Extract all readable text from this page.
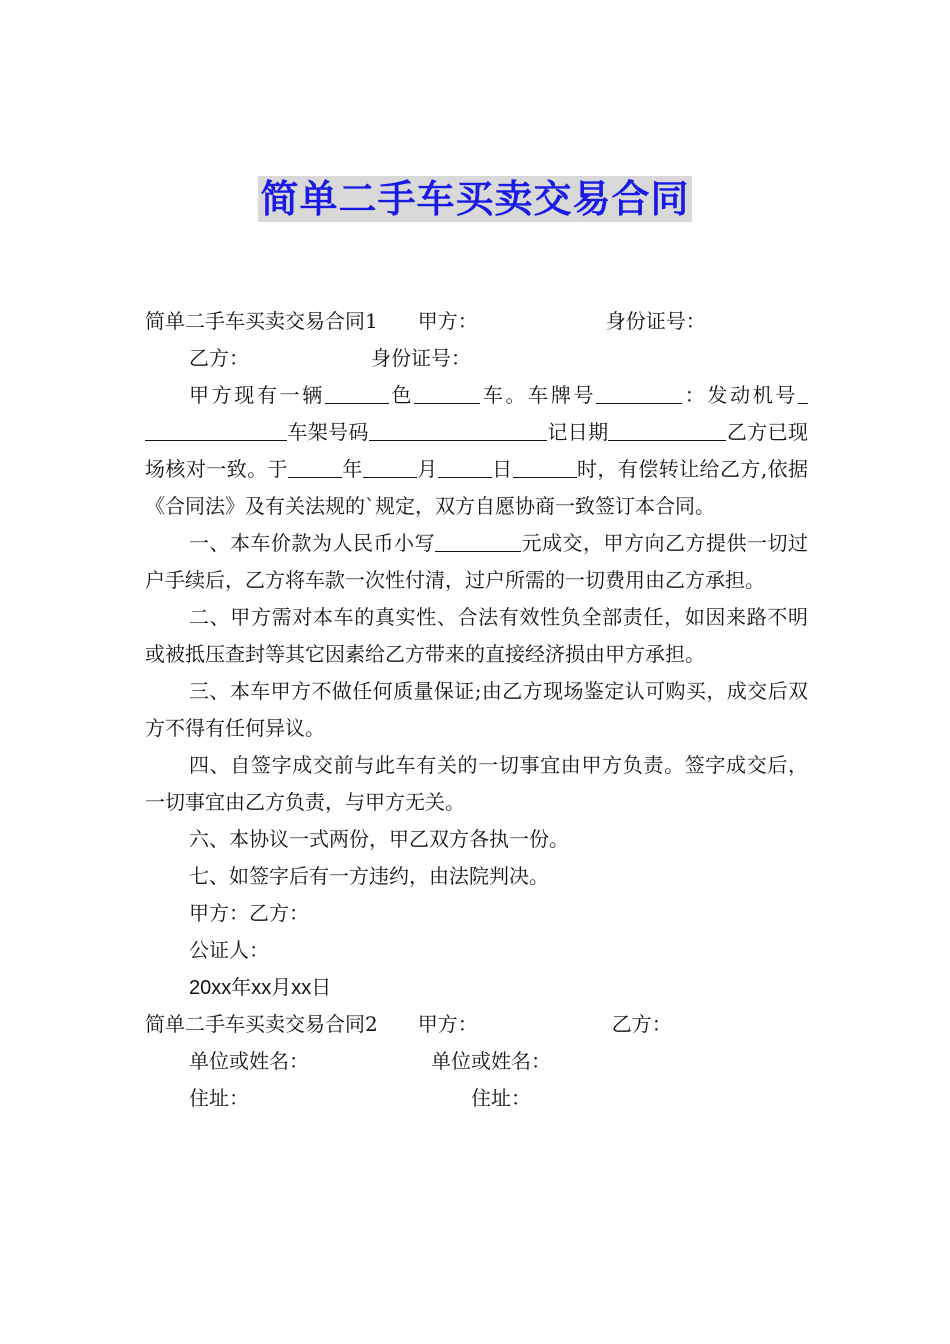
简单二手车买卖交易合同
简单二手车买卖交易合同1 甲方：	身份证号：
乙方：	身份证号：
甲方现有一辆	色	车。车牌号	：发动机号车架号码	记日期	乙方已现场核对一致。于	年	月	日	时，有偿转让给乙方,依据《合同法》及有关法规的`规定，双方自愿协商一致签订本合同。
一、本车价款为人民币小写	元成交，甲方向乙方提供一切过户手续后，乙方将车款一次性付清，过户所需的一切费用由乙方承担。
二、甲方需对本车的真实性、合法有效性负全部责任，如因来路不明或被抵压查封等其它因素给乙方带来的直接经济损由甲方承担。
三、本车甲方不做任何质量保证;由乙方现场鉴定认可购买，成交后双方不得有任何异议。
四、自签字成交前与此车有关的一切事宜由甲方负责。签字成交后，一切事宜由乙方负责，与甲方无关。
六、本协议一式两份，甲乙双方各执一份。
七、如签字后有一方违约，由法院判决。
甲方：乙方：
公证人：
20xx年xx月xx日
简单二手车买卖交易合同2 甲方：	乙方：
单位或姓名：	单位或姓名：
住址：	住址：
